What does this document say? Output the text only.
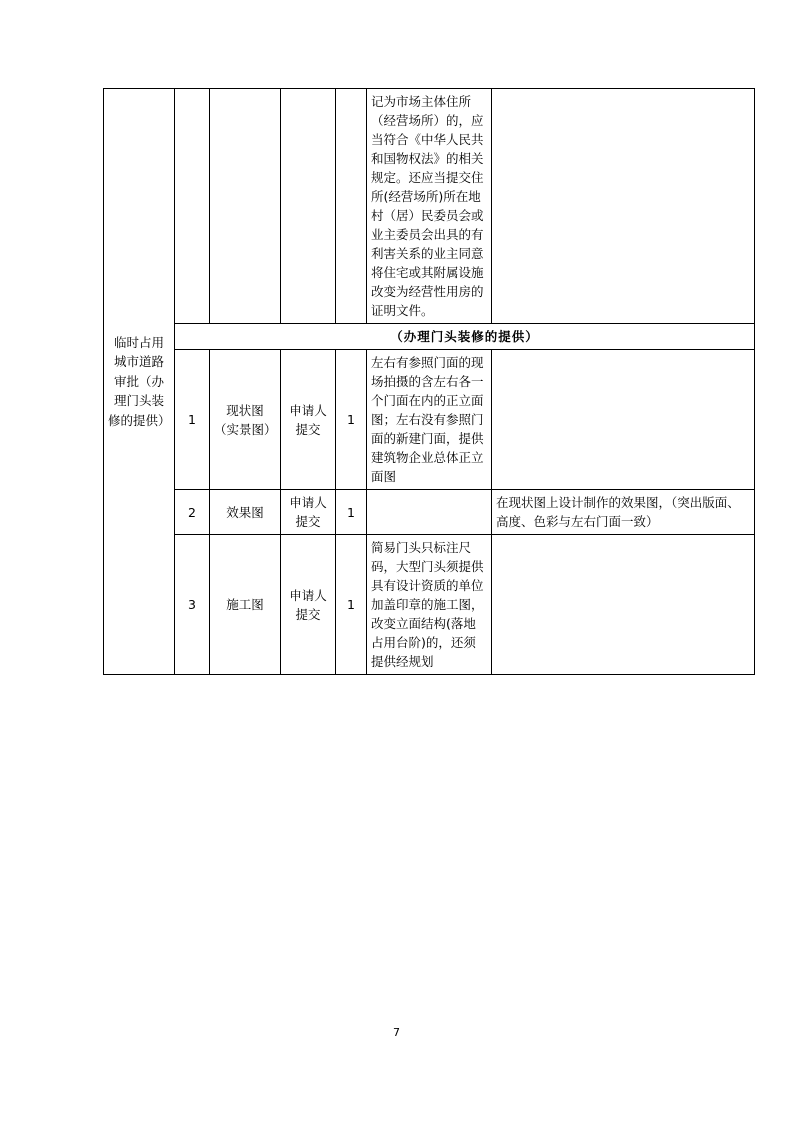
临时占用城市道路审批（办理门头装修的提供）					记为市场主体住所（经营场所）的，应当符合《中华人民共和国物权法》的相关规定。还应当提交住所(经营场所)所在地村（居）民委员会或业主委员会出具的有利害关系的业主同意将住宅或其附属设施改变为经营性用房的证明文件。	
	（办理门头装修的提供）					
	1	现状图（实景图）	申请人提交	1	左右有参照门面的现场拍摄的含左右各一个门面在内的正立面图；左右没有参照门面的新建门面，提供建筑物企业总体正立面图	
	2	效果图	申请人提交	1		在现状图上设计制作的效果图，（突出版面、高度、色彩与左右门面一致）
	3	施工图	申请人提交	1	简易门头只标注尺码，大型门头须提供具有设计资质的单位加盖印章的施工图，改变立面结构(落地占用台阶)的，还须提供经规划	
7
